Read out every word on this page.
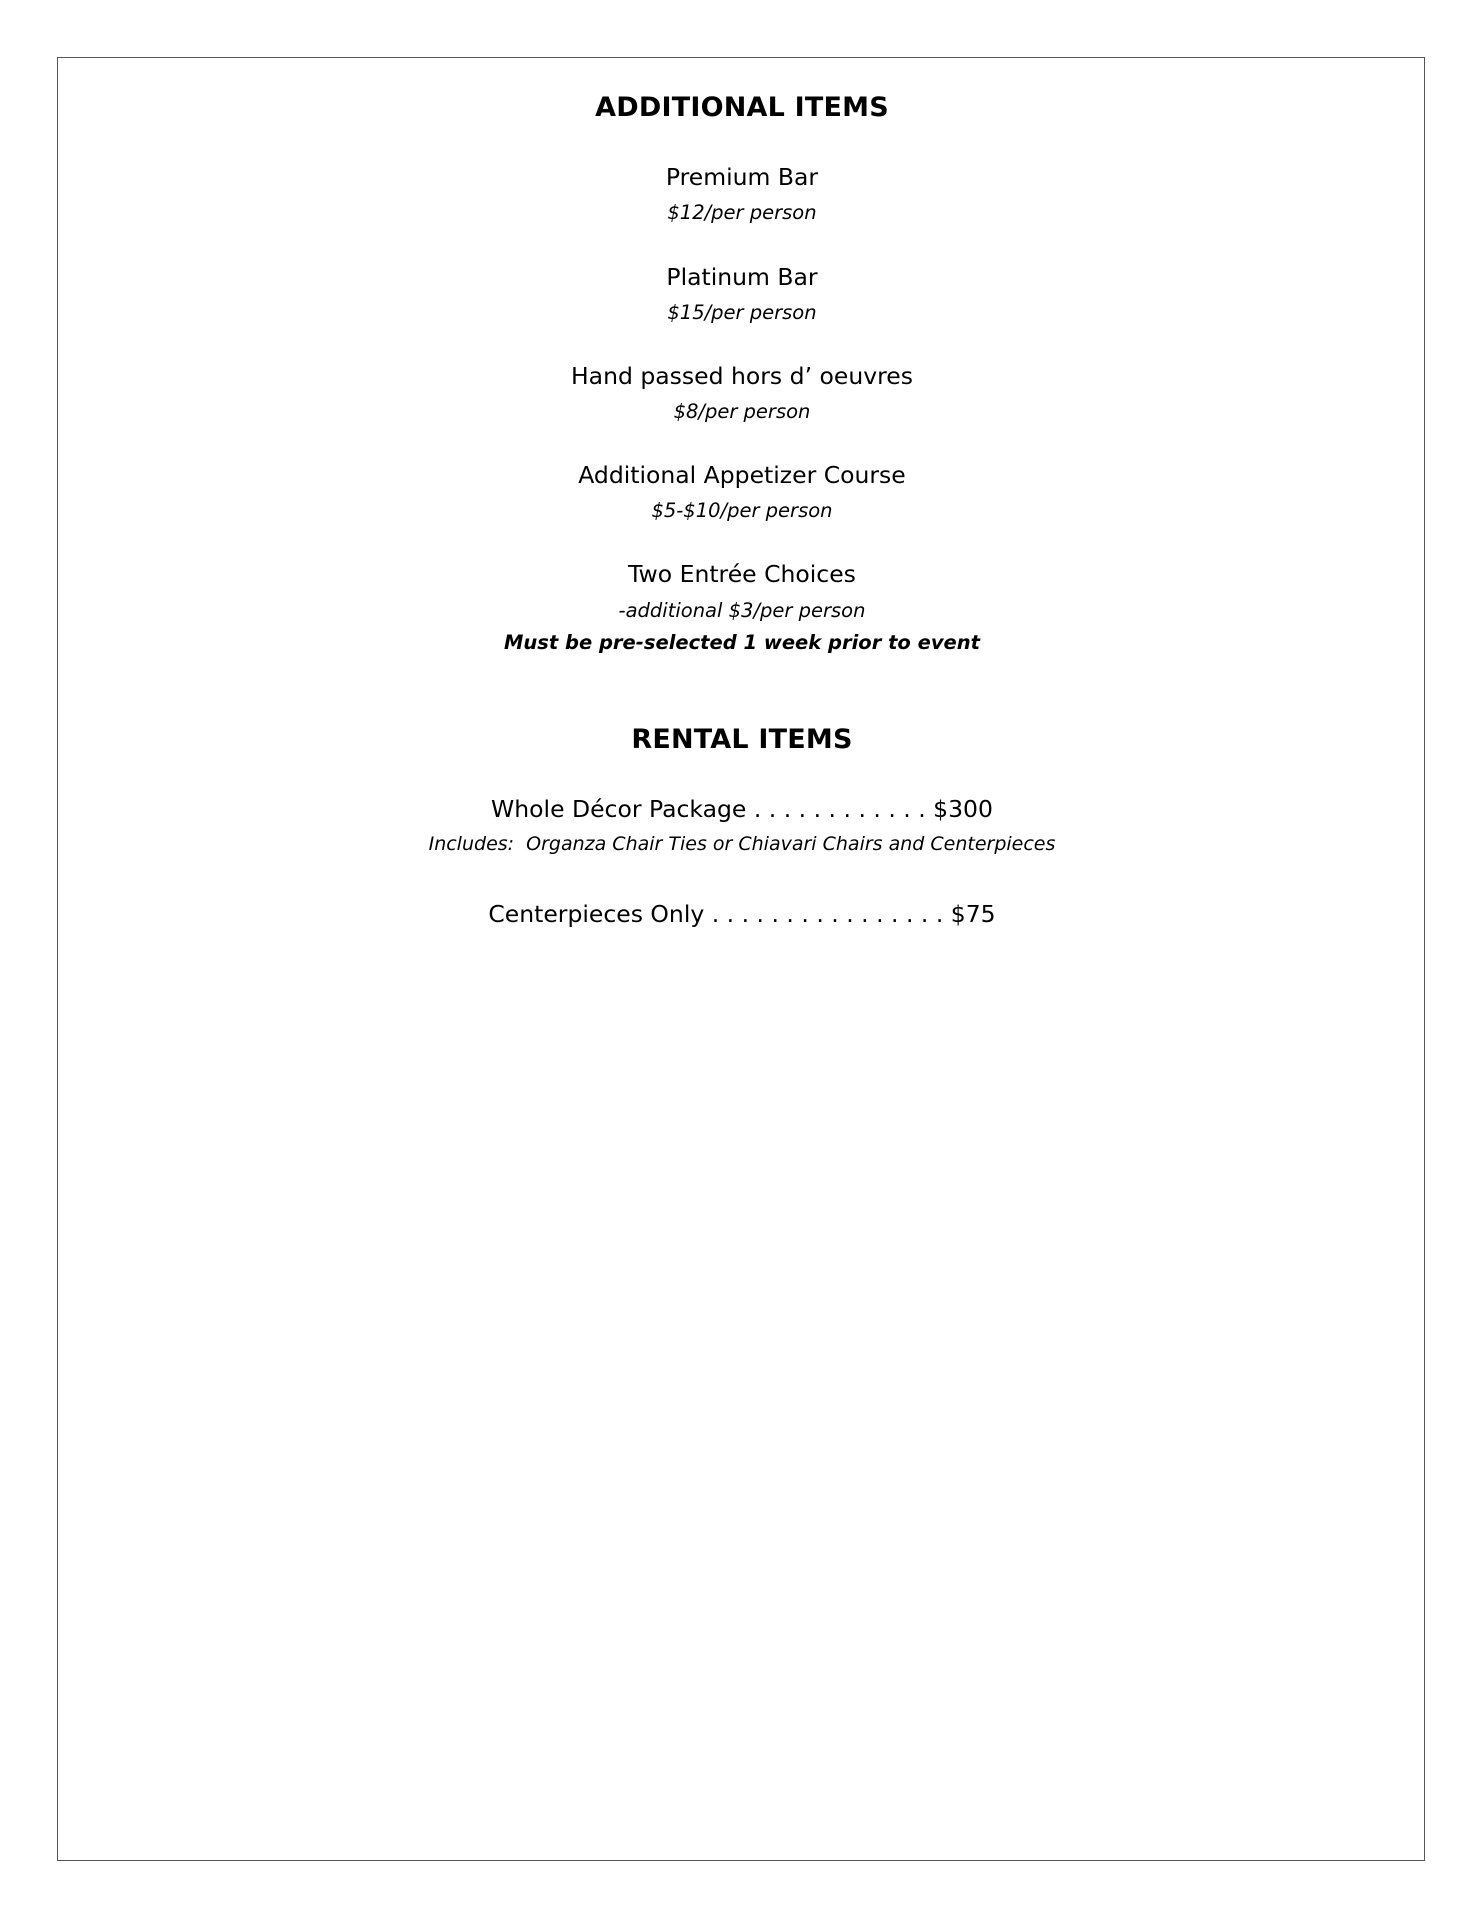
ADDITIONAL ITEMS
Premium Bar
$12/per person
Platinum Bar
$15/per person
Hand passed hors d’ oeuvres
$8/per person
Additional Appetizer Course
$5-$10/per person
Two Entrée Choices
-additional $3/per person
Must be pre-selected 1 week prior to event
RENTAL ITEMS
Whole Décor Package . . . . . . . . . . . . $300
Includes:  Organza Chair Ties or Chiavari Chairs and Centerpieces
Centerpieces Only . . . . . . . . . . . . . . . . $75
